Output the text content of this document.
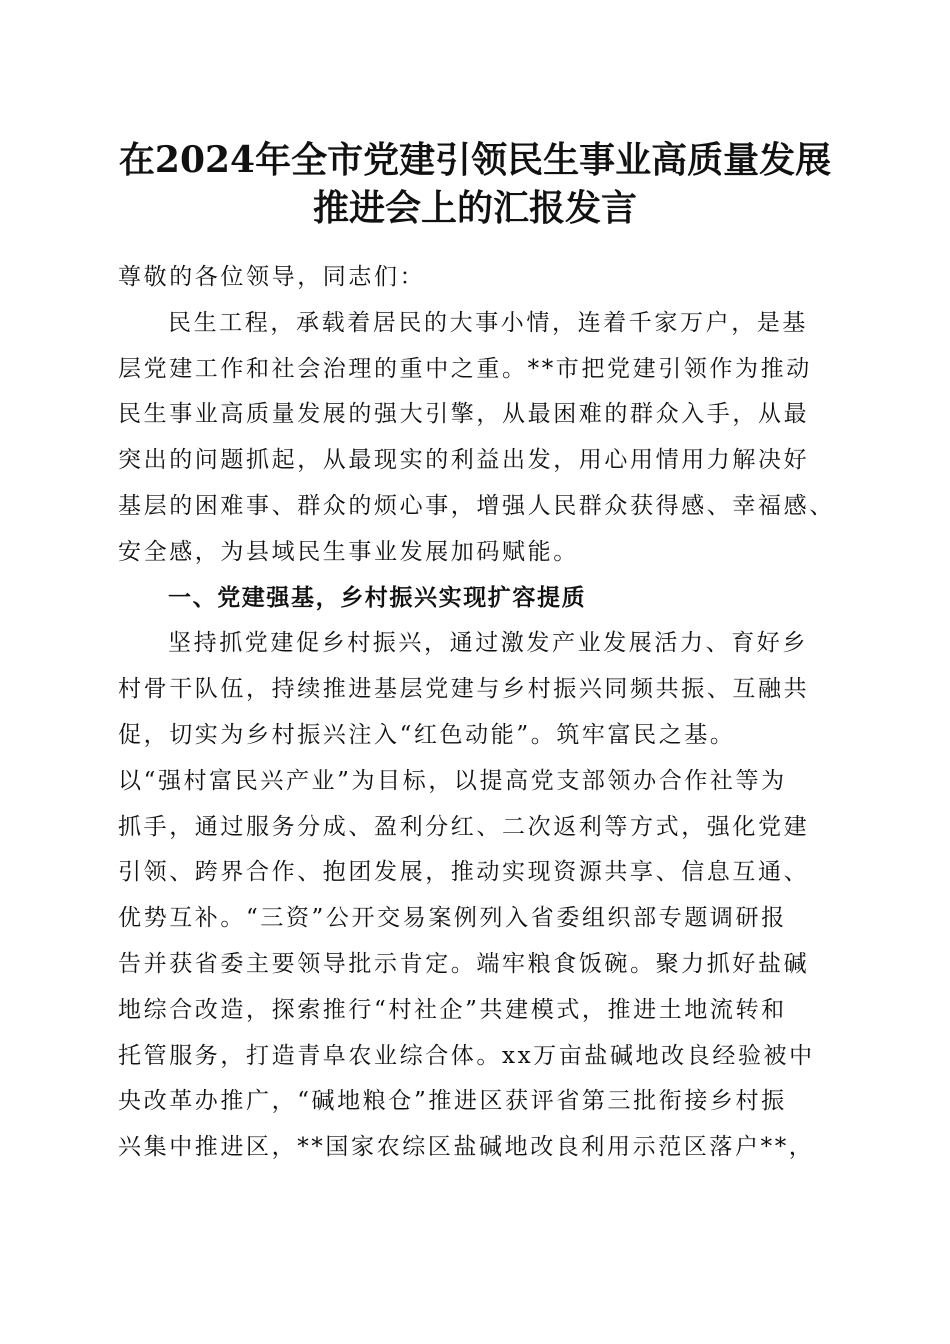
在2024年全市党建引领民生事业高质量发展
推进会上的汇报发言
尊敬的各位领导，同志们：
民生工程，承载着居民的大事小情，连着千家万户，是基
层党建工作和社会治理的重中之重。**市把党建引领作为推动
民生事业高质量发展的强大引擎，从最困难的群众入手，从最
突出的问题抓起，从最现实的利益出发，用心用情用力解决好
基层的困难事、群众的烦心事，增强人民群众获得感、幸福感、
安全感，为县域民生事业发展加码赋能。
一、党建强基，乡村振兴实现扩容提质
坚持抓党建促乡村振兴，通过激发产业发展活力、育好乡
村骨干队伍，持续推进基层党建与乡村振兴同频共振、互融共
促，切实为乡村振兴注入“红色动能”。筑牢富民之基。
以“强村富民兴产业”为目标，以提高党支部领办合作社等为
抓手，通过服务分成、盈利分红、二次返利等方式，强化党建
引领、跨界合作、抱团发展，推动实现资源共享、信息互通、
优势互补。“三资”公开交易案例列入省委组织部专题调研报
告并获省委主要领导批示肯定。端牢粮食饭碗。聚力抓好盐碱
地综合改造，探索推行“村社企”共建模式，推进土地流转和
托管服务，打造青阜农业综合体。xx万亩盐碱地改良经验被中
央改革办推广，“碱地粮仓”推进区获评省第三批衔接乡村振
兴集中推进区，**国家农综区盐碱地改良利用示范区落户**，
